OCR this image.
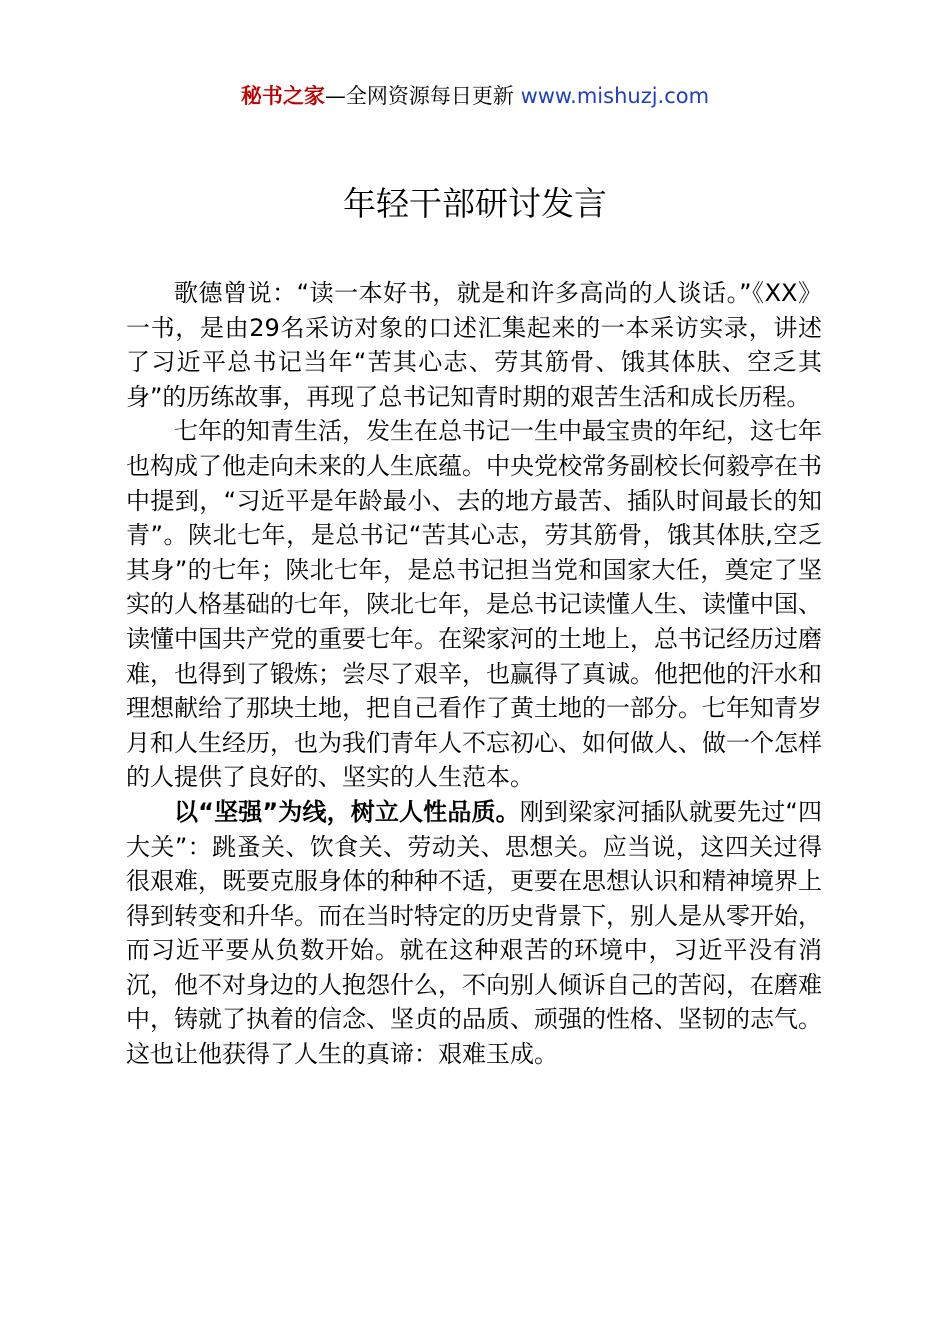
秘书之家—全网资源每日更新 www.mishuzj.com
年轻干部研讨发言

歌德曾说：“读一本好书，就是和许多高尚的人谈话。”《XX》一书，是由29名采访对象的口述汇集起来的一本采访实录，讲述了习近平总书记当年“苦其心志、劳其筋骨、饿其体肤、空乏其身”的历练故事，再现了总书记知青时期的艰苦生活和成长历程。

七年的知青生活，发生在总书记一生中最宝贵的年纪，这七年也构成了他走向未来的人生底蕴。中央党校常务副校长何毅亭在书中提到，“习近平是年龄最小、去的地方最苦、插队时间最长的知青”。陕北七年，是总书记“苦其心志，劳其筋骨，饿其体肤,空乏其身”的七年；陕北七年，是总书记担当党和国家大任，奠定了坚实的人格基础的七年，陕北七年，是总书记读懂人生、读懂中国、读懂中国共产党的重要七年。在梁家河的土地上，总书记经历过磨难，也得到了锻炼；尝尽了艰辛，也赢得了真诚。他把他的汗水和理想献给了那块土地，把自己看作了黄土地的一部分。七年知青岁月和人生经历，也为我们青年人不忘初心、如何做人、做一个怎样的人提供了良好的、坚实的人生范本。

以“坚强”为线，树立人性品质。刚到梁家河插队就要先过“四大关”：跳蚤关、饮食关、劳动关、思想关。应当说，这四关过得很艰难，既要克服身体的种种不适，更要在思想认识和精神境界上得到转变和升华。而在当时特定的历史背景下，别人是从零开始，而习近平要从负数开始。就在这种艰苦的环境中，习近平没有消沉，他不对身边的人抱怨什么，不向别人倾诉自己的苦闷，在磨难中，铸就了执着的信念、坚贞的品质、顽强的性格、坚韧的志气。这也让他获得了人生的真谛：艰难玉成。
